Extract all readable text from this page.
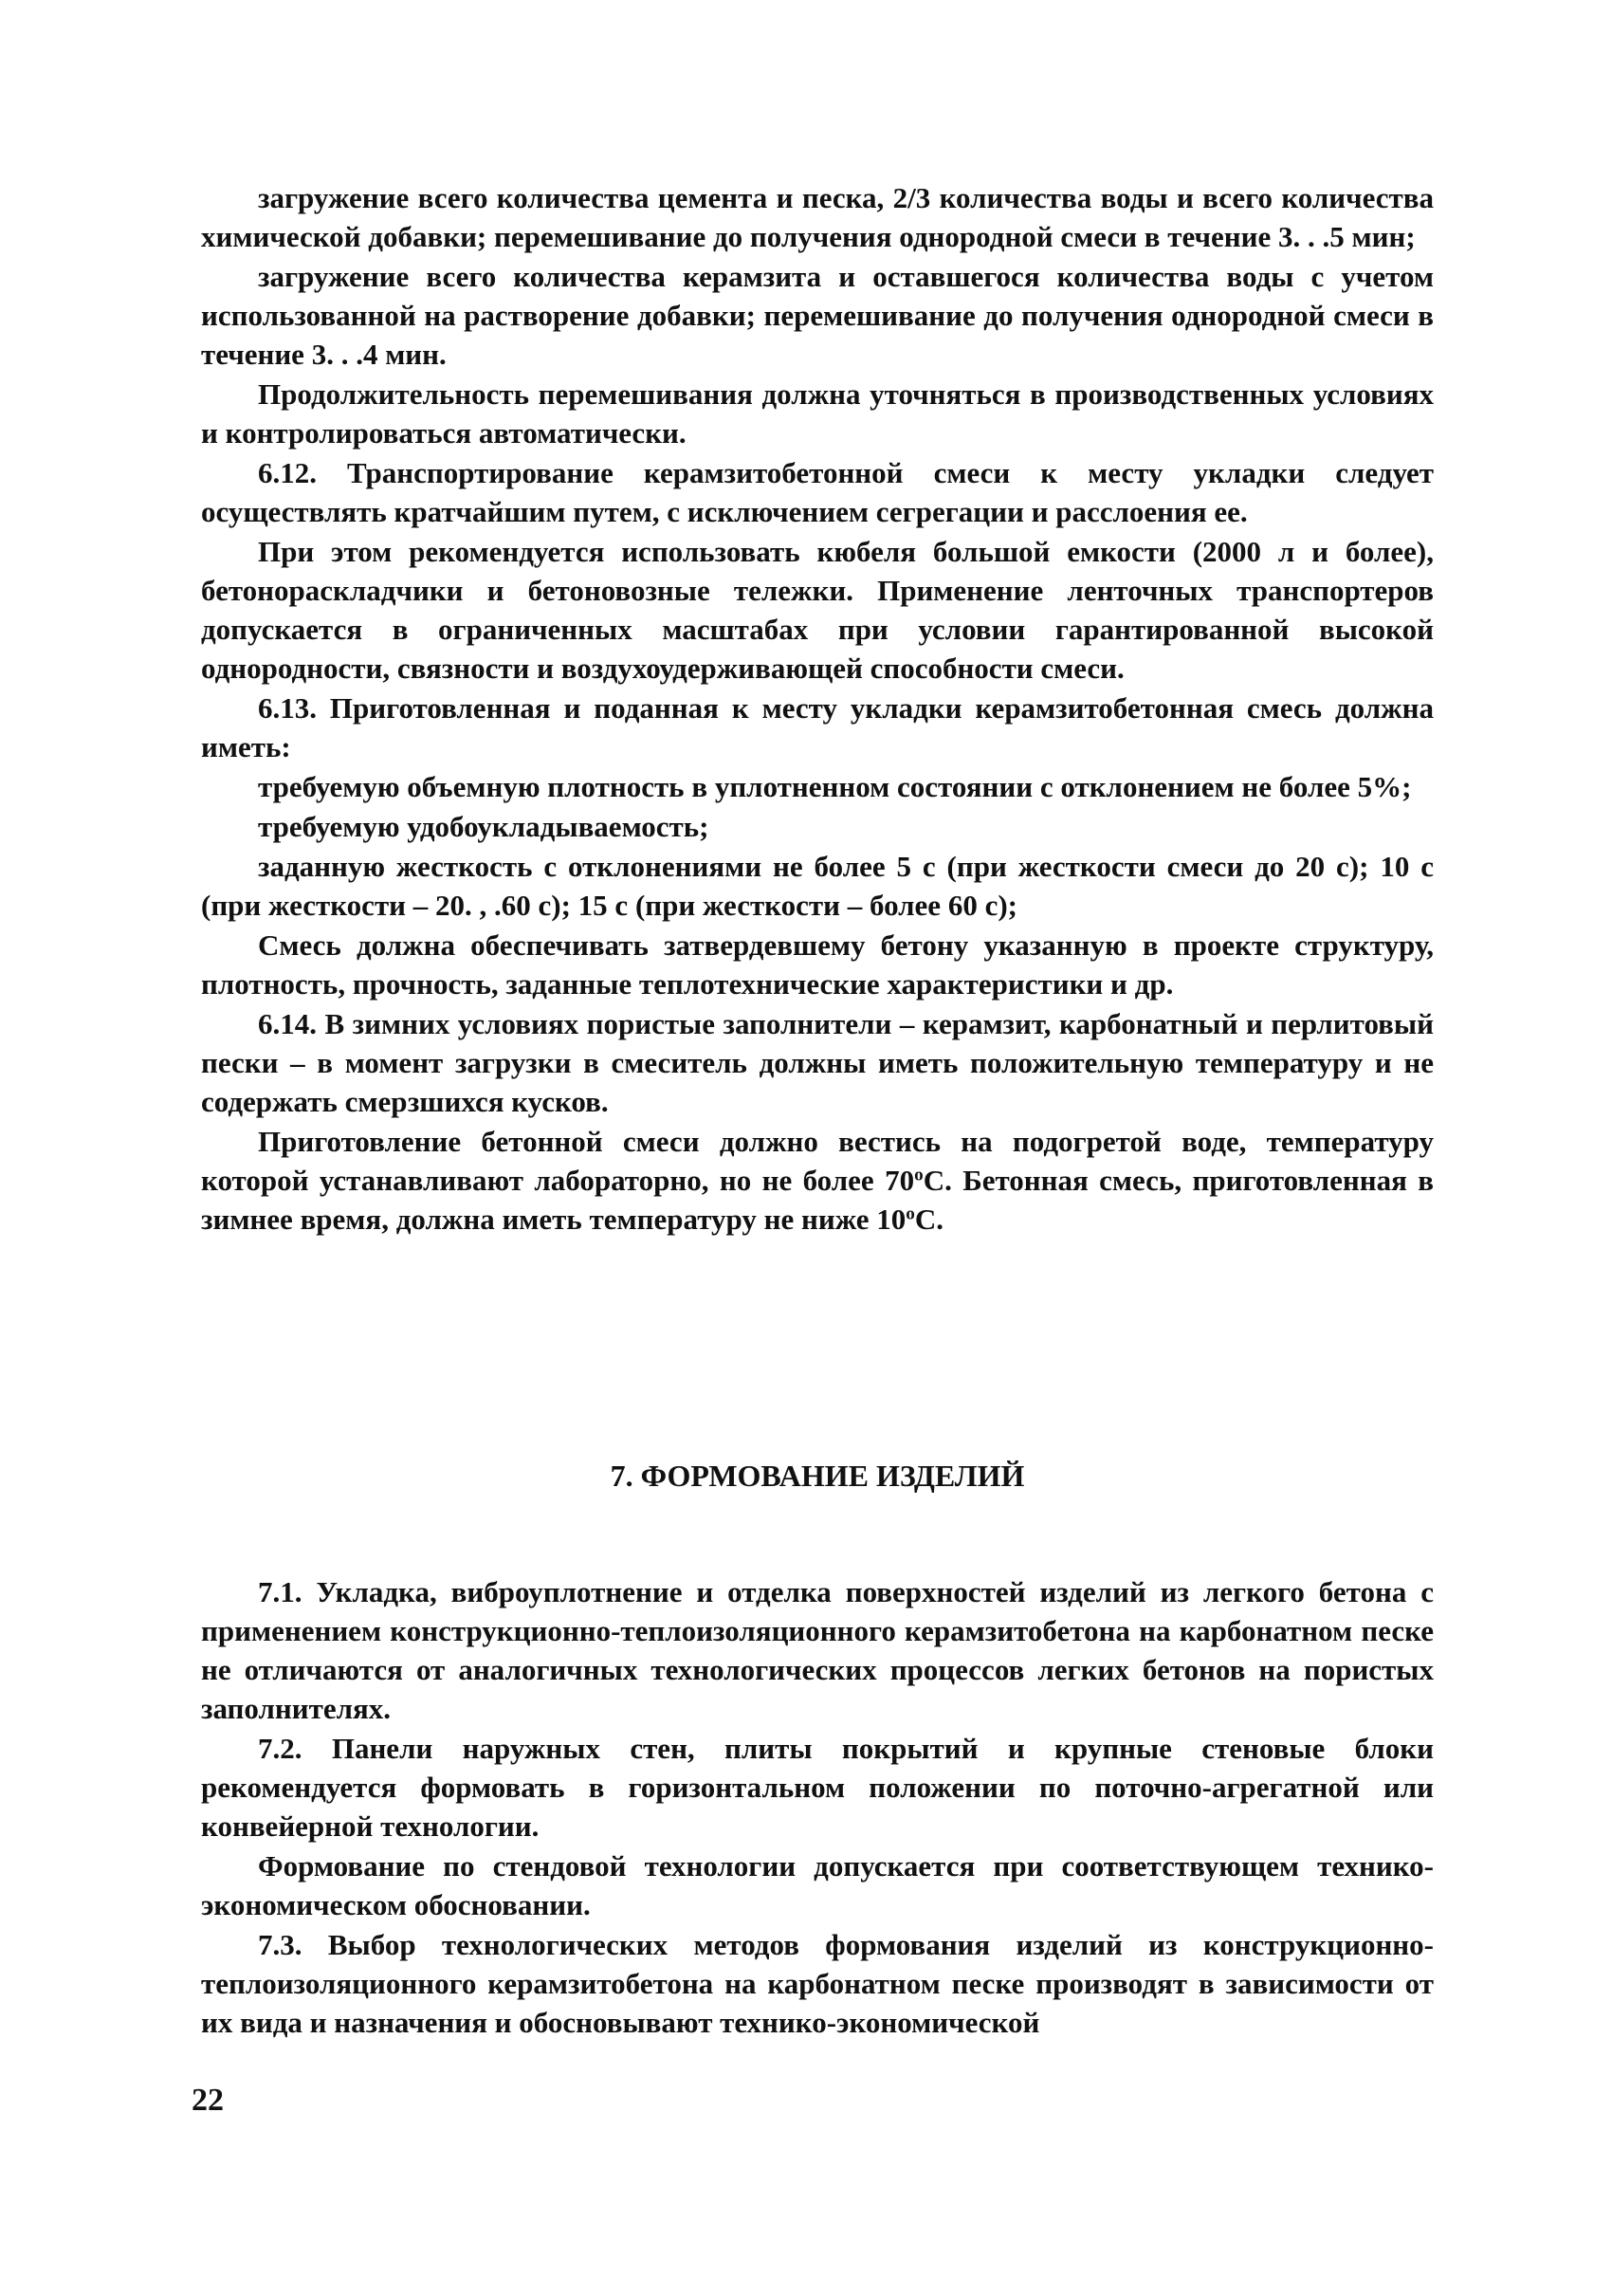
загружение всего количества цемента и песка, 2/3 количества воды и всего количества химической добавки; перемешивание до получения однородной смеси в течение 3. . .5 мин;

загружение всего количества керамзита и оставшегося количества воды с учетом использованной на растворение добавки; перемешивание до получения однородной смеси в течение 3. . .4 мин.

Продолжительность перемешивания должна уточняться в производственных условиях и контролироваться автоматически.

6.12. Транспортирование керамзитобетонной смеси к месту укладки следует осуществлять кратчайшим путем, с исключением сегрегации и расслоения ее.

При этом рекомендуется использовать кюбеля большой емкости (2000 л и более), бетонораскладчики и бетоновозные тележки. Применение ленточных транспортеров допускается в ограниченных масштабах при условии гарантированной высокой однородности, связности и воздухоудерживающей способности смеси.

6.13. Приготовленная и поданная к месту укладки керамзитобетонная смесь должна иметь:

требуемую объемную плотность в уплотненном состоянии с отклонением не более 5%;

требуемую удобоукладываемость;

заданную жесткость с отклонениями не более 5 с (при жесткости смеси до 20 с); 10 с (при жесткости – 20. , .60 с); 15 с (при жесткости – более 60 с);

Смесь должна обеспечивать затвердевшему бетону указанную в проекте структуру, плотность, прочность, заданные теплотехнические характеристики и др.

6.14. В зимних условиях пористые заполнители – керамзит, карбонатный и перлитовый пески – в момент загрузки в смеситель должны иметь положительную температуру и не содержать смерзшихся кусков.

Приготовление бетонной смеси должно вестись на подогретой воде, температуру которой устанавливают лабораторно, но не более $70^оС$. Бетонная смесь, приготовленная в зимнее время, должна иметь температуру не ниже $10^оС$.

7. ФОРМОВАНИЕ ИЗДЕЛИЙ

7.1. Укладка, виброуплотнение и отделка поверхностей изделий из легкого бетона с применением конструкционно-теплоизоляционного керамзитобетона на карбонатном песке не отличаются от аналогичных технологических процессов легких бетонов на пористых заполнителях.

7.2. Панели наружных стен, плиты покрытий и крупные стеновые блоки рекомендуется формовать в горизонтальном положении по поточно-агрегатной или конвейерной технологии.

Формование по стендовой технологии допускается при соответствующем технико-экономическом обосновании.

7.3. Выбор технологических методов формования изделий из конструкционно-теплоизоляционного керамзитобетона на карбонатном песке производят в зависимости от их вида и назначения и обосновывают технико-экономической

22
